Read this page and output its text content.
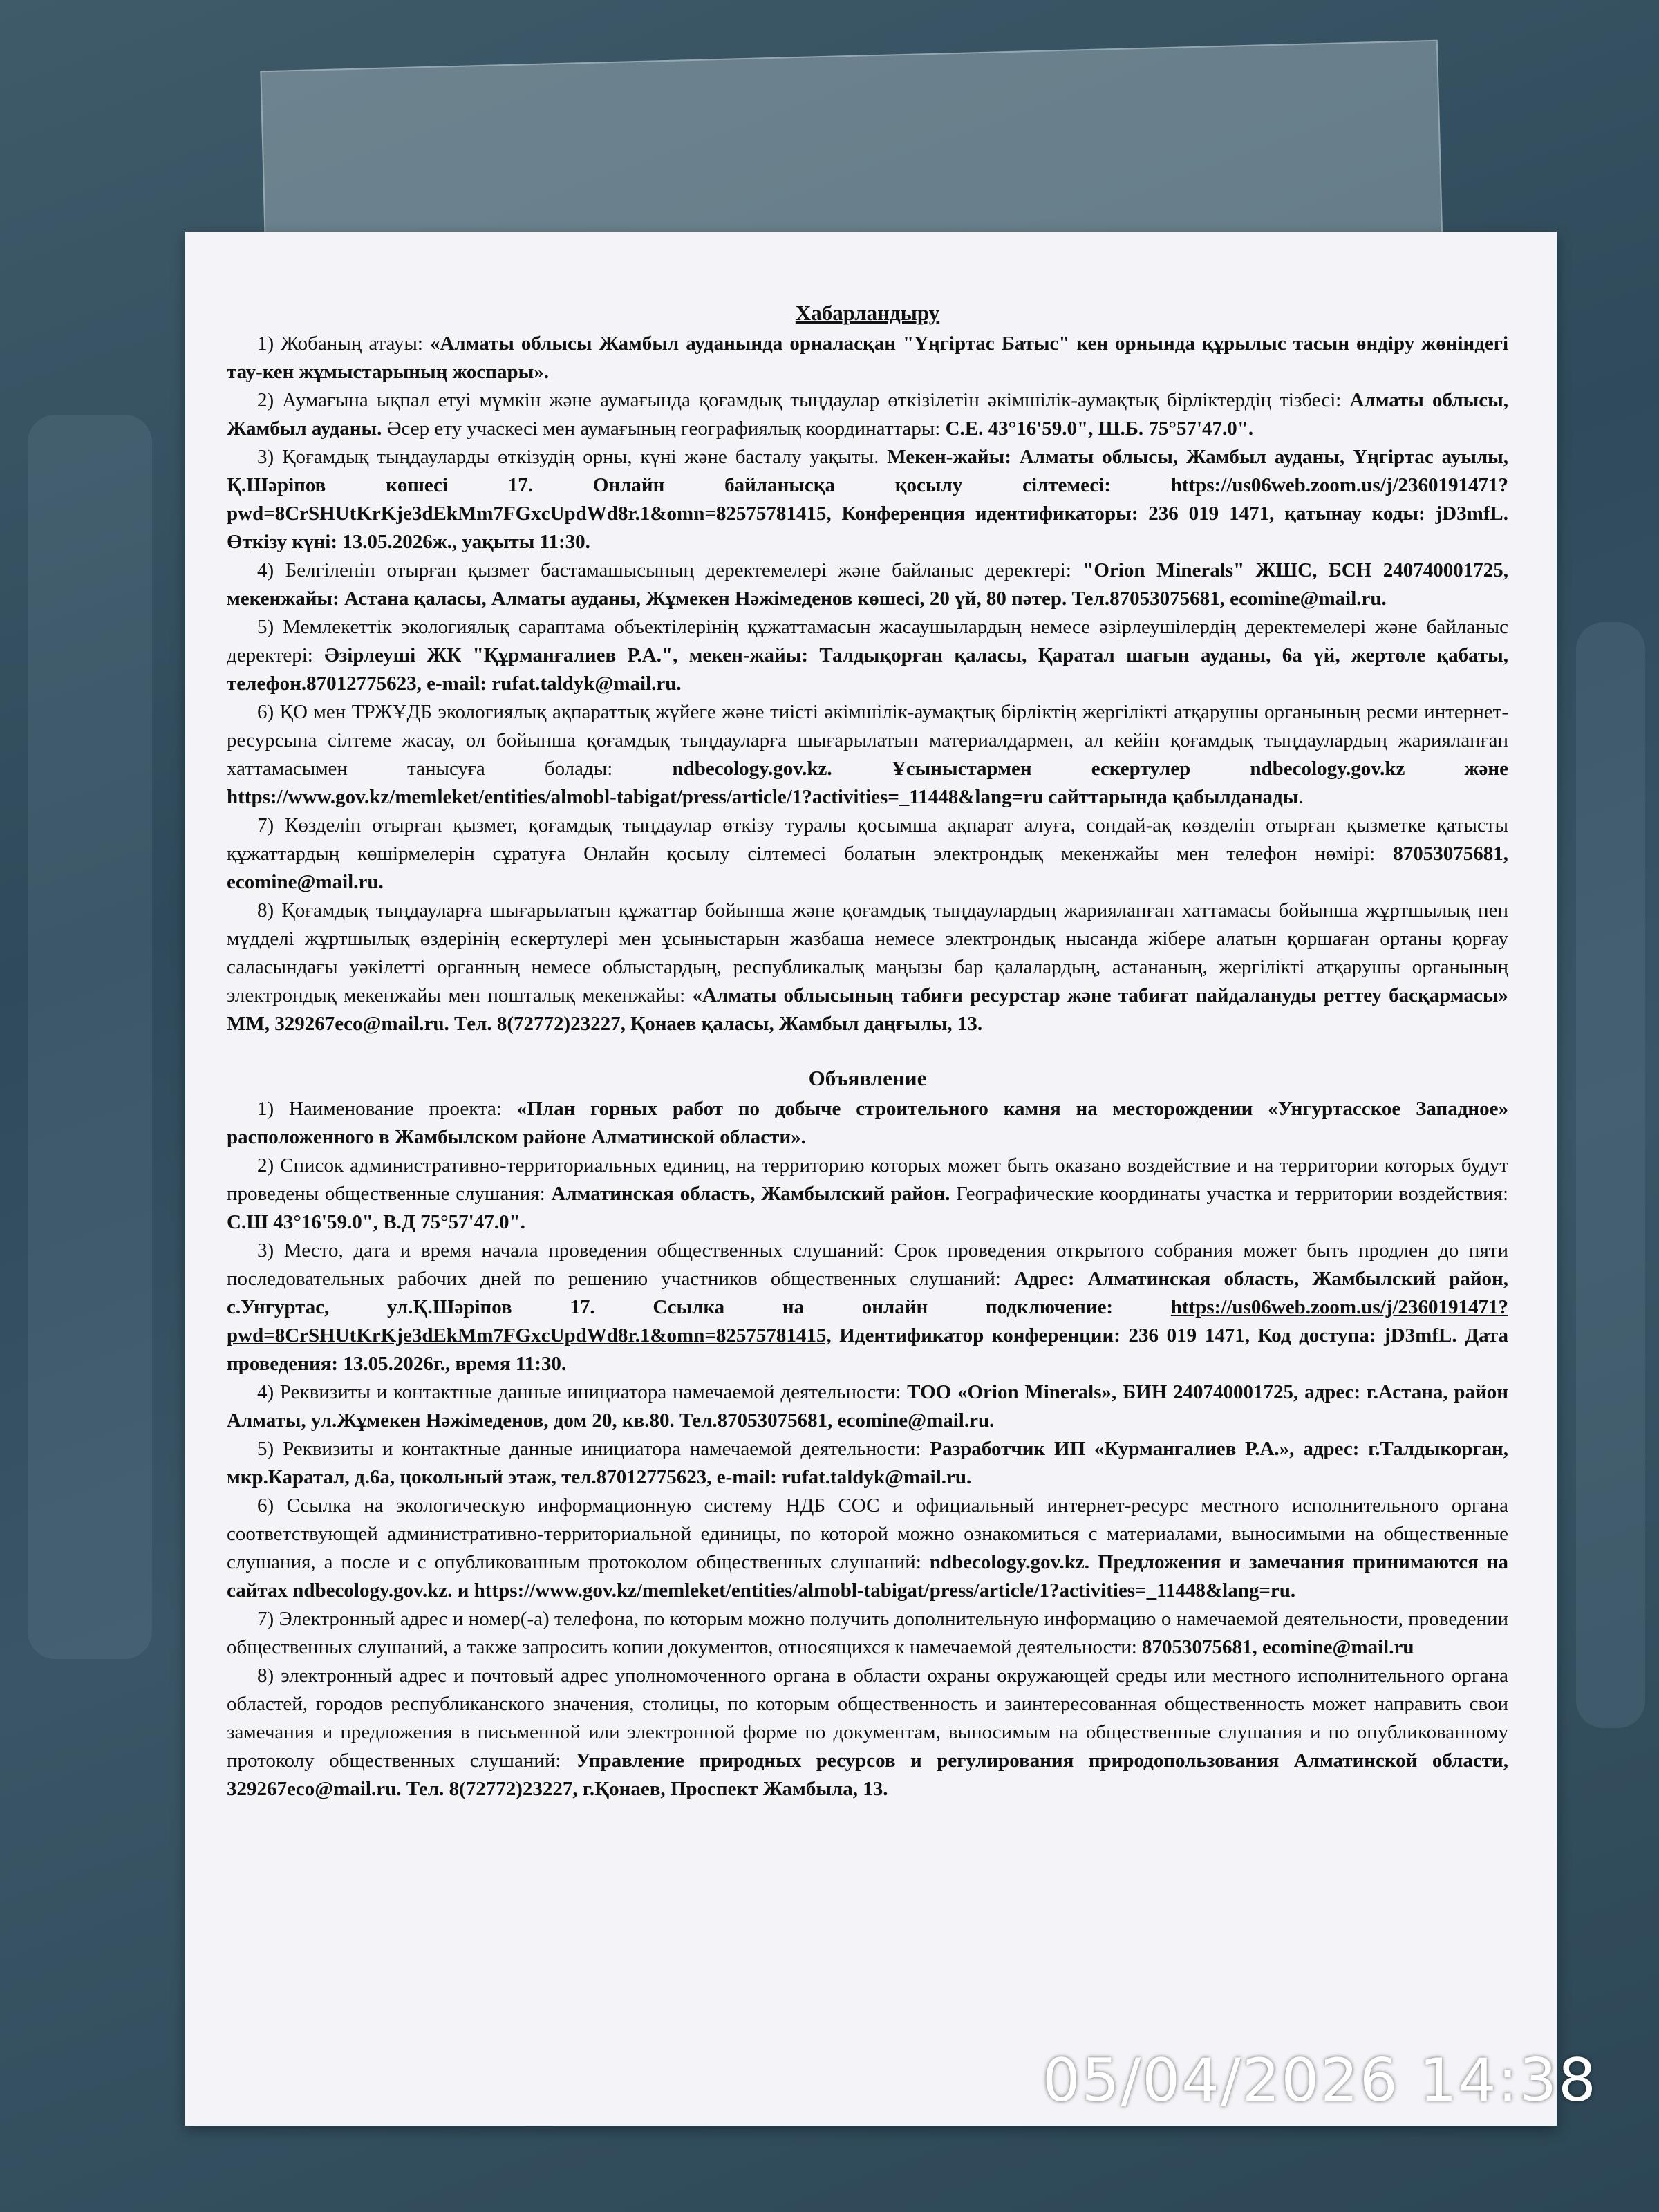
Хабарландыру

1) Жобаның атауы: «Алматы облысы Жамбыл ауданында орналасқан "Үңгіртас Батыс" кен орнында құрылыс тасын өндіру жөніндегі тау-кен жұмыстарының жоспары».

2) Аумағына ықпал етуі мүмкін және аумағында қоғамдық тыңдаулар өткізілетін әкімшілік-аумақтық бірліктердің тізбесі: Алматы облысы, Жамбыл ауданы. Әсер ету учаскесі мен аумағының географиялық координаттары: С.Е. 43°16'59.0", Ш.Б. 75°57'47.0".

3) Қоғамдық тыңдауларды өткізудің орны, күні және басталу уақыты. Мекен-жайы: Алматы облысы, Жамбыл ауданы, Үңгіртас ауылы, Қ.Шәріпов көшесі 17. Онлайн байланысқа қосылу сілтемесі: https://us06web.zoom.us/j/2360191471?pwd=8CrSHUtKrKje3dEkMm7FGxcUpdWd8r.1&omn=82575781415, Конференция идентификаторы: 236 019 1471, қатынау коды: jD3mfL. Өткізу күні: 13.05.2026ж., уақыты 11:30.

4) Белгіленіп отырған қызмет бастамашысының деректемелері және байланыс деректері: "Orion Minerals" ЖШС, БСН 240740001725, мекенжайы: Астана қаласы, Алматы ауданы, Жұмекен Нәжімеденов көшесі, 20 үй, 80 пәтер. Тел.87053075681, ecomine@mail.ru.

5) Мемлекеттік экологиялық сараптама объектілерінің құжаттамасын жасаушылардың немесе әзірлеушілердің деректемелері және байланыс деректері: Әзірлеуші ЖК "Құрманғалиев Р.А.", мекен-жайы: Талдықорған қаласы, Қаратал шағын ауданы, 6а үй, жертөле қабаты, телефон.87012775623, e-mail: rufat.taldyk@mail.ru.

6) ҚО мен ТРЖҰДБ экологиялық ақпараттық жүйеге және тиісті әкімшілік-аумақтық бірліктің жергілікті атқарушы органының ресми интернет-ресурсына сілтеме жасау, ол бойынша қоғамдық тыңдауларға шығарылатын материалдармен, ал кейін қоғамдық тыңдаулардың жарияланған хаттамасымен танысуға болады: ndbecology.gov.kz. Ұсыныстармен ескертулер ndbecology.gov.kz және https://www.gov.kz/memleket/entities/almobl-tabigat/press/article/1?activities=_11448&lang=ru сайттарында қабылданады.

7) Көзделіп отырған қызмет, қоғамдық тыңдаулар өткізу туралы қосымша ақпарат алуға, сондай-ақ көзделіп отырған қызметке қатысты құжаттардың көшірмелерін сұратуға Онлайн қосылу сілтемесі болатын электрондық мекенжайы мен телефон нөмірі: 87053075681, ecomine@mail.ru.

8) Қоғамдық тыңдауларға шығарылатын құжаттар бойынша және қоғамдық тыңдаулардың жарияланған хаттамасы бойынша жұртшылық пен мүдделі жұртшылық өздерінің ескертулері мен ұсыныстарын жазбаша немесе электрондық нысанда жібере алатын қоршаған ортаны қорғау саласындағы уәкілетті органның немесе облыстардың, республикалық маңызы бар қалалардың, астананың, жергілікті атқарушы органының электрондық мекенжайы мен пошталық мекенжайы: «Алматы облысының табиғи ресурстар және табиғат пайдалануды реттеу басқармасы» ММ, 329267eco@mail.ru. Тел. 8(72772)23227, Қонаев қаласы, Жамбыл даңғылы, 13.

Объявление

1) Наименование проекта: «План горных работ по добыче строительного камня на месторождении «Унгуртасское Западное» расположенного в Жамбылском районе Алматинской области».

2) Список административно-территориальных единиц, на территорию которых может быть оказано воздействие и на территории которых будут проведены общественные слушания: Алматинская область, Жамбылский район. Географические координаты участка и территории воздействия: С.Ш 43°16'59.0", В.Д 75°57'47.0".

3) Место, дата и время начала проведения общественных слушаний: Срок проведения открытого собрания может быть продлен до пяти последовательных рабочих дней по решению участников общественных слушаний: Адрес: Алматинская область, Жамбылский район, с.Унгуртас, ул.Қ.Шәріпов 17. Ссылка на онлайн подключение: https://us06web.zoom.us/j/2360191471?pwd=8CrSHUtKrKje3dEkMm7FGxcUpdWd8r.1&omn=82575781415, Идентификатор конференции: 236 019 1471, Код доступа: jD3mfL. Дата проведения: 13.05.2026г., время 11:30.

4) Реквизиты и контактные данные инициатора намечаемой деятельности: ТОО «Orion Minerals», БИН 240740001725, адрес: г.Астана, район Алматы, ул.Жұмекен Нәжімеденов, дом 20, кв.80. Тел.87053075681, ecomine@mail.ru.

5) Реквизиты и контактные данные инициатора намечаемой деятельности: Разработчик ИП «Курмангалиев Р.А.», адрес: г.Талдыкорган, мкр.Каратал, д.6а, цокольный этаж, тел.87012775623, e-mail: rufat.taldyk@mail.ru.

6) Ссылка на экологическую информационную систему НДБ СОС и официальный интернет-ресурс местного исполнительного органа соответствующей административно-территориальной единицы, по которой можно ознакомиться с материалами, выносимыми на общественные слушания, а после и с опубликованным протоколом общественных слушаний: ndbecology.gov.kz. Предложения и замечания принимаются на сайтах ndbecology.gov.kz. и https://www.gov.kz/memleket/entities/almobl-tabigat/press/article/1?activities=_11448&lang=ru.

7) Электронный адрес и номер(-а) телефона, по которым можно получить дополнительную информацию о намечаемой деятельности, проведении общественных слушаний, а также запросить копии документов, относящихся к намечаемой деятельности: 87053075681, ecomine@mail.ru

8) электронный адрес и почтовый адрес уполномоченного органа в области охраны окружающей среды или местного исполнительного органа областей, городов республиканского значения, столицы, по которым общественность и заинтересованная общественность может направить свои замечания и предложения в письменной или электронной форме по документам, выносимым на общественные слушания и по опубликованному протоколу общественных слушаний: Управление природных ресурсов и регулирования природопользования Алматинской области, 329267eco@mail.ru. Тел. 8(72772)23227, г.Қонаев, Проспект Жамбыла, 13.

05/04/2026 14:38
